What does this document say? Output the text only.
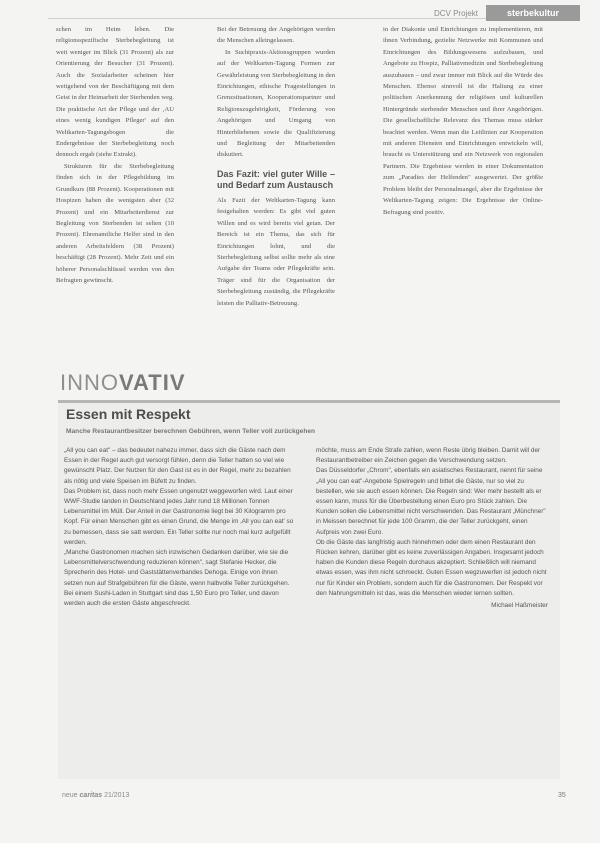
DCV Projekt	sterbekultur

schen im Heim leben. Die religionsspezifische Sterbebegleitung ist weit weniger im Blick (31 Prozent) als zur Orientierung der Besucher (31 Prozent). Auch die Sozialarbeiter scheinen hier weitgehend von der Beschäftigung mit dem Geist in der Heimarbeit der Sterbenden weg. Die praktische Art der Pflege und der ‚AU eines wenig kundigen Pfleger' auf den Weltkarten-Tagungsbogen die Endergebnisse der Sterbebegleitung noch dennoch ergab (siehe Extrakt).

Strukturen für die Sterbebegleitung finden sich in der Pflegebildung im Grundkurs (88 Prozent). Kooperationen mit Hospizen haben die wenigsten aber (32 Prozent) und ein Mitarbeiterdienst zur Begleitung von Sterbenden ist selten (10 Prozent). Ehrenamtliche Helfer sind in den anderen Arbeitsfeldern (38 Prozent) beschäftigt (28 Prozent). Mehr Zeit und ein höherer Personalschlüssel werden von den Befragten gewünscht.

Bei der Betreuung der Angehörigen werden die Menschen alleingelassen.

In Suchtpraxis-Aktionsgruppen wurden auf der Weltkarten-Tagung Formen zur Gewährleistung von Sterbebegleitung in den Einrichtungen, ethische Fragestellungen in Grenzsituationen, Kooperationspartner und Religionszugehörigkeit, Förderung von Angehörigen und Umgang von Hinterbliebenen sowie die Qualifizierung und Begleitung der Mitarbeitenden diskutiert.

Das Fazit: viel guter Wille – und Bedarf zum Austausch

Als Fazit der Weltkarten-Tagung kann festgehalten werden: Es gibt viel guten Willen und es wird bereits viel getan. Der Bereich ist ein Thema, das sich für Einrichtungen lohnt, und die Sterbebegleitung selbst sollte mehr als eine Aufgabe der Teams oder Pflegekräfte sein. Träger sind für die Organisation der Sterbebegleitung zuständig, die Pflegekräfte leisten die Palliativ-Betreuung.

in der Diakonie und Einrichtungen zu implementieren, mit ihnen Verbindung, gezielte Netzwerke mit Kommunen und Einrichtungen des Bildungswesens aufzubauen, und Angebote zu Hospiz, Palliativmedizin und Sterbebegleitung auszubauen – und zwar immer mit Blick auf die Würde des Menschen. Ebenso sinnvoll ist die Haltung zu einer politischen Anerkennung der religiösen und kulturellen Hintergründe sterbender Menschen und ihrer Angehörigen. Die gesellschaftliche Relevanz des Themas muss stärker beachtet werden. Wenn man die Leitlinien zur Kooperation mit anderen Diensten und Einrichtungen entwickeln will, braucht es Unterstützung und ein Netzwerk von regionalen Partnern. Die Ergebnisse werden in einer Dokumentation zum „Paradies der Helfenden" ausgewertet. Der größte Problem bleibt der Personalmangel, aber die Ergebnisse der Weltkarten-Tagung zeigen: Die Ergebnisse der Online-Befragung sind positiv.

INNOVATIV
Essen mit Respekt
Manche Restaurantbesitzer berechnen Gebühren, wenn Teller voll zurückgehen

„All you can eat" – das bedeutet nahezu immer, dass sich die Gäste nach dem Essen in der Regel auch gut versorgt fühlen, denn die Teller hatten so viel wie gewünscht Platz. Der Nutzen für den Gast ist es in der Regel, mehr zu bezahlen als nötig und viele Speisen im Büfett zu finden.

Das Problem ist, dass noch mehr Essen ungenutzt weggeworfen wird. Laut einer WWF-Studie landen in Deutschland jedes Jahr rund 18 Millionen Tonnen Lebensmittel im Müll. Der Anteil in der Gastronomie liegt bei 30 Kilogramm pro Kopf. Für einen Menschen gibt es einen Grund, die Menge im ‚All you can eat' so zu bemessen, dass sie satt werden. Ein Teller sollte nur noch mal kurz aufgefüllt werden.

„Manche Gastronomen machen sich inzwischen Gedanken darüber, wie sie die Lebensmittelverschwendung reduzieren können", sagt Stefanie Hecker, die Sprecherin des Hotel- und Gaststättenverbandes Dehoga. Einige von ihnen setzen nun auf Strafgebühren für die Gäste, wenn halbvolle Teller zurückgehen. Bei einem Sushi-Laden in Stuttgart sind das 1,50 Euro pro Teller, und davon werden auch die ersten Gäste abgeschreckt.

möchte, muss am Ende Strafe zahlen, wenn Reste übrig bleiben. Damit will der Restaurantbetreiber ein Zeichen gegen die Verschwendung setzen.

Das Düsseldorfer „Chrom", ebenfalls ein asiatisches Restaurant, nennt für seine „All you can eat"-Angebote Spielregeln und bittet die Gäste, nur so viel zu bestellen, wie sie auch essen können. Die Regeln sind: Wer mehr bestellt als er essen kann, muss für die Überbestellung einen Euro pro Stück zahlen. Die Kunden sollen die Lebensmittel nicht verschwenden. Das Restaurant „Münchner" in Meissen berechnet für jede 100 Gramm, die der Teller zurückgeht, einen Aufpreis von zwei Euro.

Ob die Gäste das langfristig auch hinnehmen oder dem einen Restaurant den Rücken kehren, darüber gibt es keine zuverlässigen Angaben. Insgesamt jedoch haben die Kunden diese Regeln durchaus akzeptiert. Schließlich will niemand etwas essen, was ihm nicht schmeckt. Guten Essen wegzuwerfen ist jedoch nicht nur für Kinder ein Problem, sondern auch für die Gastronomen. Der Respekt vor den Nahrungsmitteln ist das, was die Menschen wieder lernen sollten.

Michael Haßmeister

neue caritas 21/2013	35
